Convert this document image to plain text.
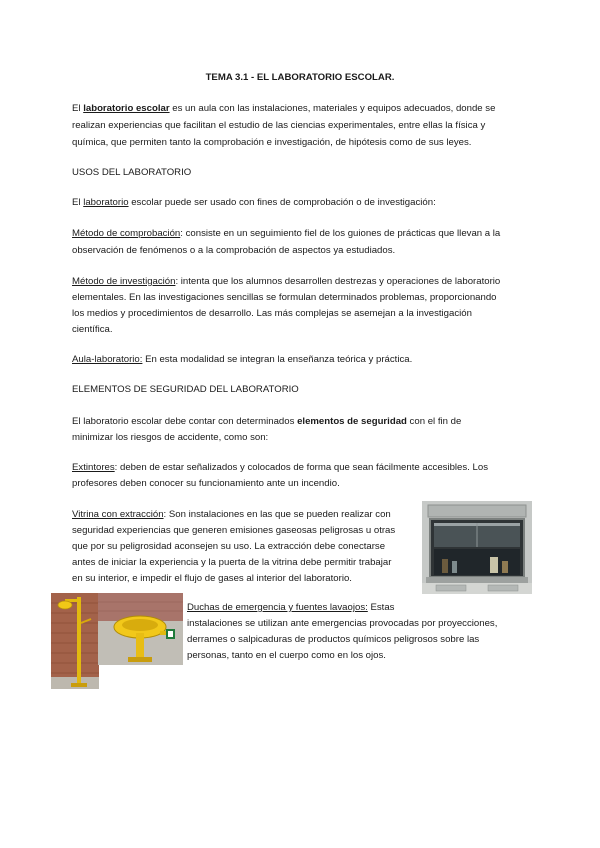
TEMA 3.1 - EL LABORATORIO ESCOLAR.
El laboratorio escolar es un aula con las instalaciones, materiales y equipos adecuados, donde se
realizan experiencias que facilitan el estudio de las ciencias experimentales, entre ellas la física y
química, que permiten tanto la comprobación e investigación, de hipótesis como de sus leyes.
USOS DEL LABORATORIO
El laboratorio escolar puede ser usado con fines de comprobación o de investigación:
Método de comprobación: consiste en un seguimiento fiel de los guiones de prácticas que llevan a la
observación de fenómenos o a la comprobación de aspectos ya estudiados.
Método de investigación: intenta que los alumnos desarrollen destrezas y operaciones de laboratorio
elementales. En las investigaciones sencillas se formulan determinados problemas, proporcionando
los medios y procedimientos de desarrollo. Las más complejas se asemejan a la investigación
científica.
Aula-laboratorio: En esta modalidad se integran la enseñanza teórica y práctica.
ELEMENTOS DE SEGURIDAD DEL LABORATORIO
El laboratorio escolar debe contar con determinados elementos de seguridad con el fin de
minimizar los riesgos de accidente, como son:
Extintores: deben de estar señalizados y colocados de forma que sean fácilmente accesibles. Los
profesores deben conocer su funcionamiento ante un incendio.
Vitrina con extracción: Son instalaciones en las que se pueden realizar con
seguridad experiencias que generen emisiones gaseosas peligrosas u otras
que por su peligrosidad aconsejen su uso. La extracción debe conectarse
antes de iniciar la experiencia y la puerta de la vitrina debe permitir trabajar
en su interior, e impedir el flujo de gases al interior del laboratorio.
Duchas de emergencia y fuentes lavaojos: Estas
instalaciones se utilizan ante emergencias provocadas por proyecciones,
derrames o salpicaduras de productos químicos peligrosos sobre las
personas, tanto en el cuerpo como en los ojos.
